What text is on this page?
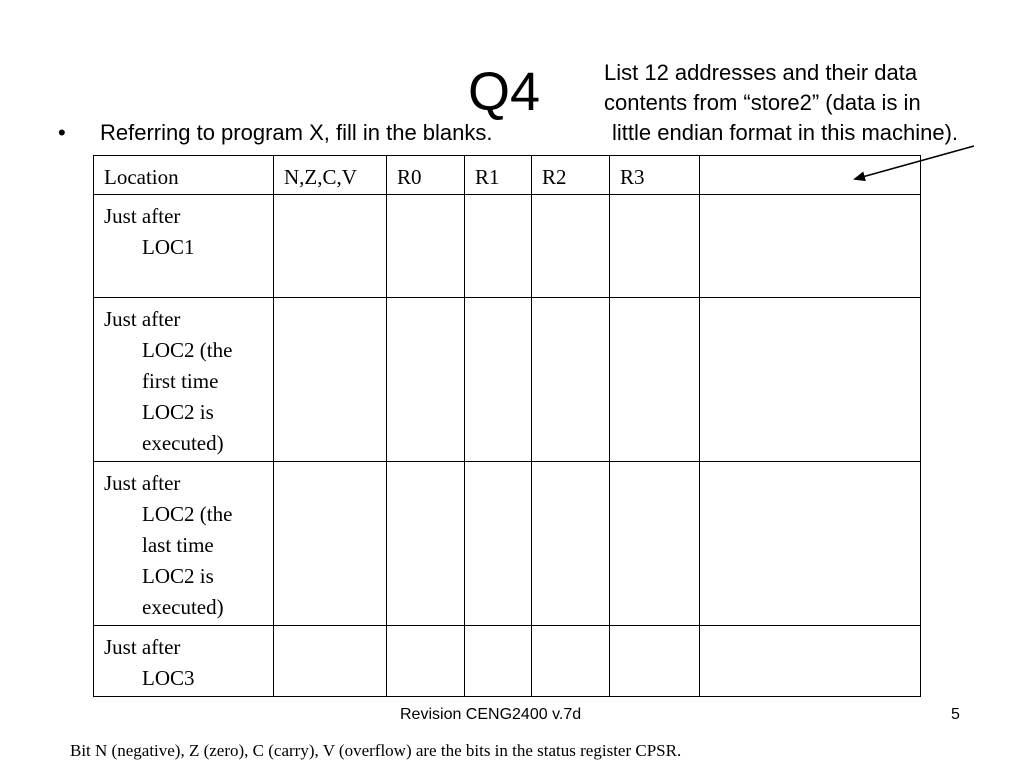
Q4	List 12 addresses and their data
contents from “store2” (data is in
little endian format in this machine).
• Referring to program X, fill in the blanks.
Location	N,Z,C,V	R0	R1	R2	R3	

Just after
LOC1						

Just after
LOC2 (the
first time
LOC2 is
executed)						

Just after
LOC2 (the
last time
LOC2 is
executed)						

Just after
LOC3						

Revision CENG2400 v.7d	5
Bit N (negative), Z (zero), C (carry), V (overflow) are the bits in the status register CPSR.
